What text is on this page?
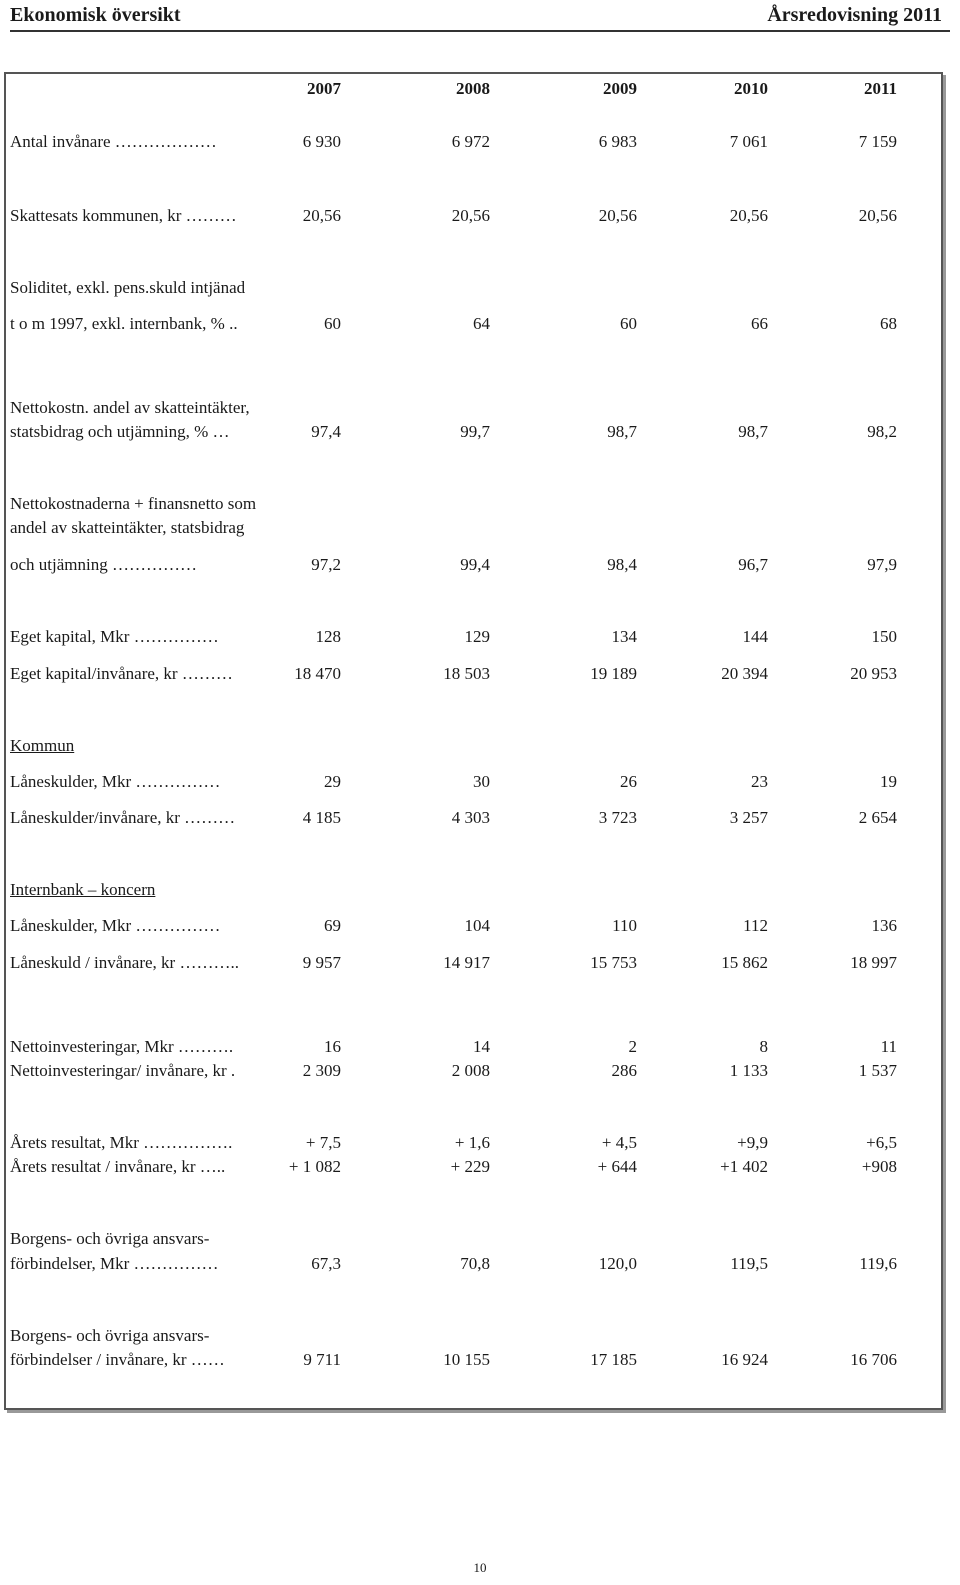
Ekonomisk översikt	Årsredovisning 2011
2007	2008	2009	2010	2011
Antal invånare ………………	6 930	6 972	6 983	7 061	7 159
Skattesats kommunen, kr ………	20,56	20,56	20,56	20,56	20,56
Soliditet, exkl. pens.skuld intjänad
t o m 1997, exkl. internbank, % ..	60	64	60	66	68
Nettokostn. andel av skatteintäkter,
statsbidrag och utjämning, % …	97,4	99,7	98,7	98,7	98,2
Nettokostnaderna + finansnetto som
andel av skatteintäkter, statsbidrag
och utjämning ……………	97,2	99,4	98,4	96,7	97,9
Eget kapital, Mkr ……………	128	129	134	144	150
Eget kapital/invånare, kr ………	18 470	18 503	19 189	20 394	20 953
Kommun
Låneskulder, Mkr ……………	29	30	26	23	19
Låneskulder/invånare, kr ………	4 185	4 303	3 723	3 257	2 654
Internbank – koncern
Låneskulder, Mkr ……………	69	104	110	112	136
Låneskuld / invånare, kr ………..	9 957	14 917	15 753	15 862	18 997
Nettoinvesteringar, Mkr ……….	16	14	2	8	11
Nettoinvesteringar/ invånare, kr .	2 309	2 008	286	1 133	1 537
Årets resultat, Mkr …………….	+ 7,5	+ 1,6	+ 4,5	+9,9	+6,5
Årets resultat / invånare, kr …..	+ 1 082	+ 229	+ 644	+1 402	+908
Borgens- och övriga ansvars-
förbindelser, Mkr ……………	67,3	70,8	120,0	119,5	119,6
Borgens- och övriga ansvars-
förbindelser / invånare, kr ……	9 711	10 155	17 185	16 924	16 706
10
